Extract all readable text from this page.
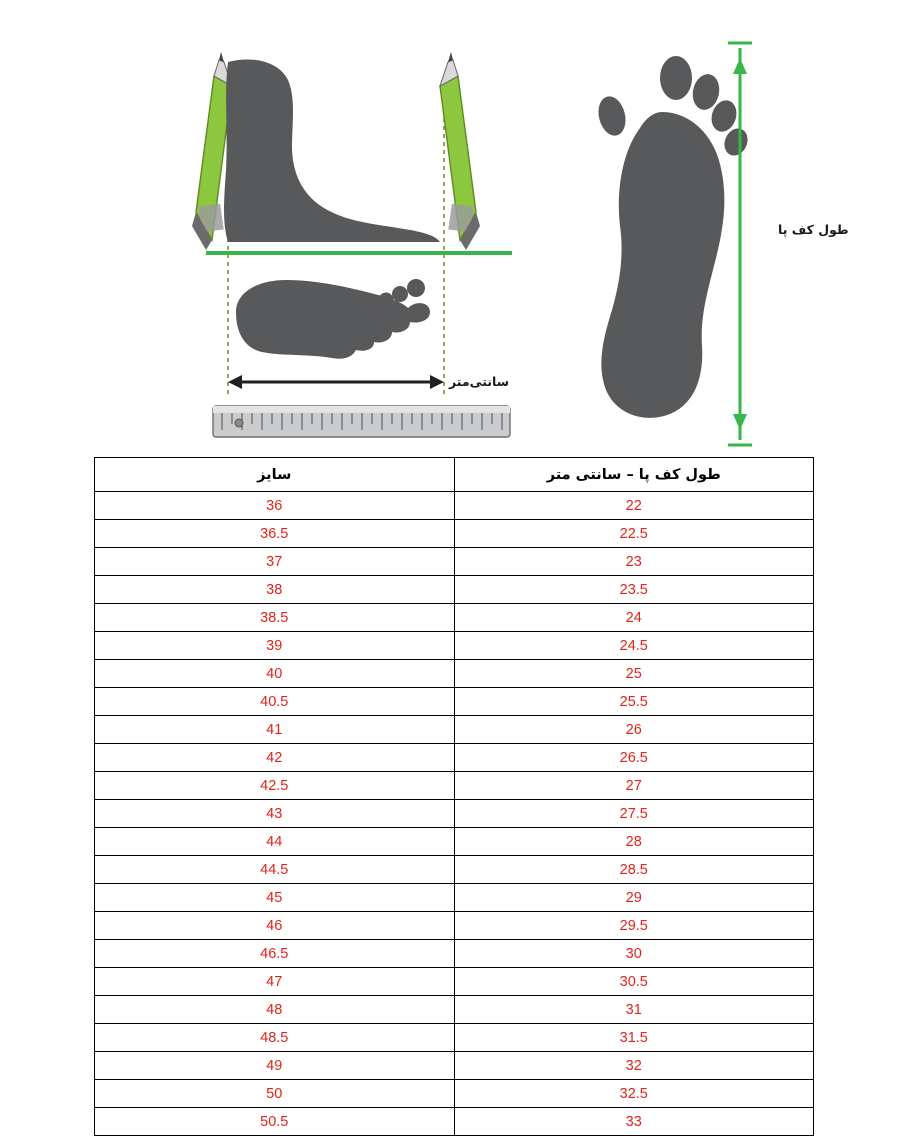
طول کف پا
سانتی‌متر
طول کف پا – سانتی متر	سایز
22	36
22.5	36.5
23	37
23.5	38
24	38.5
24.5	39
25	40
25.5	40.5
26	41
26.5	42
27	42.5
27.5	43
28	44
28.5	44.5
29	45
29.5	46
30	46.5
30.5	47
31	48
31.5	48.5
32	49
32.5	50
33	50.5
